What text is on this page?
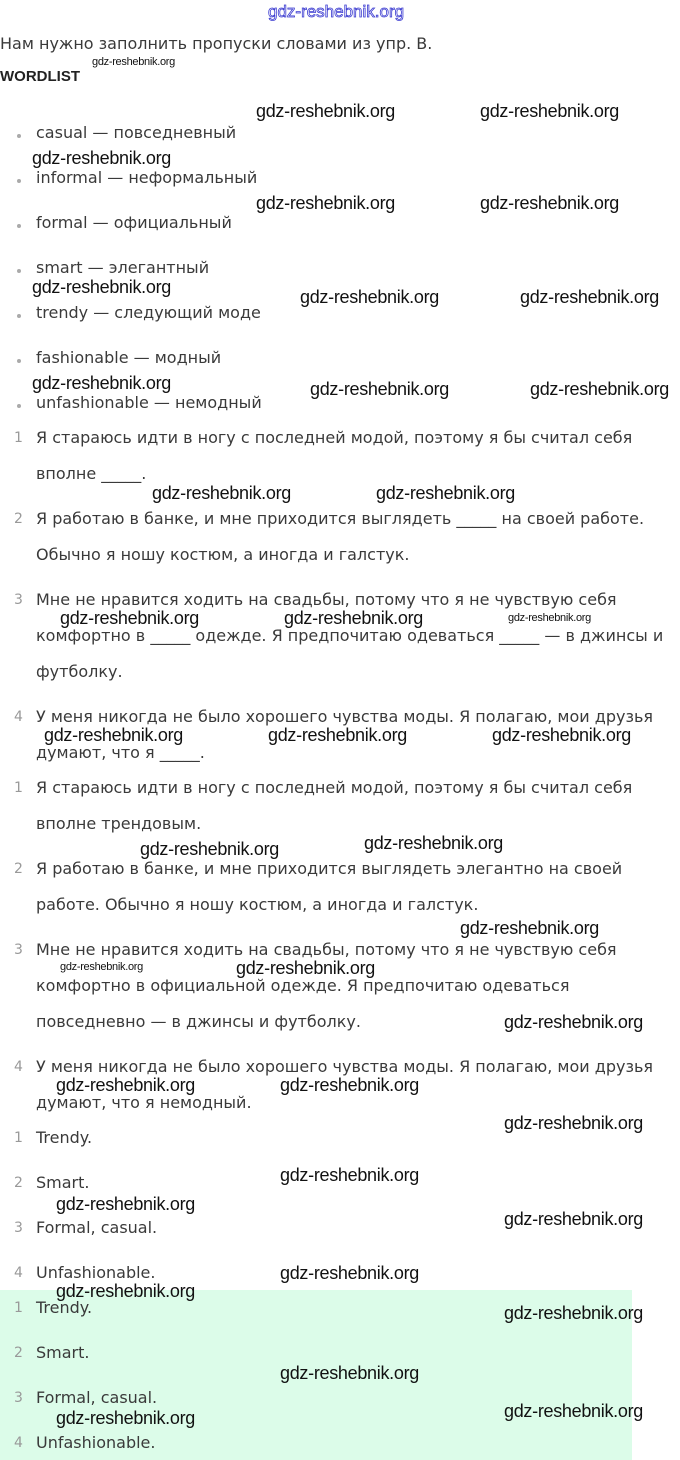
gdz-reshebnik.org
Нам нужно заполнить пропуски словами из упр. B.
WORDLIST
casual — повседневный
informal — неформальный
formal — официальный
smart — элегантный
trendy — следующий моде
fashionable — модный
unfashionable — немодный
1 Я стараюсь идти в ногу с последней модой, поэтому я бы считал себя
вполне _____.
2 Я работаю в банке, и мне приходится выглядеть _____ на своей работе.
Обычно я ношу костюм, а иногда и галстук.
3 Мне не нравится ходить на свадьбы, потому что я не чувствую себя
комфортно в _____ одежде. Я предпочитаю одеваться _____ — в джинсы и
футболку.
4 У меня никогда не было хорошего чувства моды. Я полагаю, мои друзья
думают, что я _____.
1 Я стараюсь идти в ногу с последней модой, поэтому я бы считал себя
вполне трендовым.
2 Я работаю в банке, и мне приходится выглядеть элегантно на своей
работе. Обычно я ношу костюм, а иногда и галстук.
3 Мне не нравится ходить на свадьбы, потому что я не чувствую себя
комфортно в официальной одежде. Я предпочитаю одеваться
повседневно — в джинсы и футболку.
4 У меня никогда не было хорошего чувства моды. Я полагаю, мои друзья
думают, что я немодный.
1 Trendy.
2 Smart.
3 Formal, casual.
4 Unfashionable.
1 Trendy.
2 Smart.
3 Formal, casual.
4 Unfashionable.
gdz-reshebnik.org
gdz-reshebnik.org	gdz-reshebnik.org
gdz-reshebnik.org
gdz-reshebnik.org	gdz-reshebnik.org
gdz-reshebnik.org	gdz-reshebnik.org	gdz-reshebnik.org
gdz-reshebnik.org	gdz-reshebnik.org	gdz-reshebnik.org
gdz-reshebnik.org	gdz-reshebnik.org
gdz-reshebnik.org	gdz-reshebnik.org	gdz-reshebnik.org
gdz-reshebnik.org	gdz-reshebnik.org	gdz-reshebnik.org
gdz-reshebnik.org
gdz-reshebnik.org
gdz-reshebnik.org
gdz-reshebnik.org	gdz-reshebnik.org
gdz-reshebnik.org
gdz-reshebnik.org	gdz-reshebnik.org
gdz-reshebnik.org
gdz-reshebnik.org
gdz-reshebnik.org
gdz-reshebnik.org
gdz-reshebnik.org
gdz-reshebnik.org
gdz-reshebnik.org
gdz-reshebnik.org
gdz-reshebnik.org	gdz-reshebnik.org
